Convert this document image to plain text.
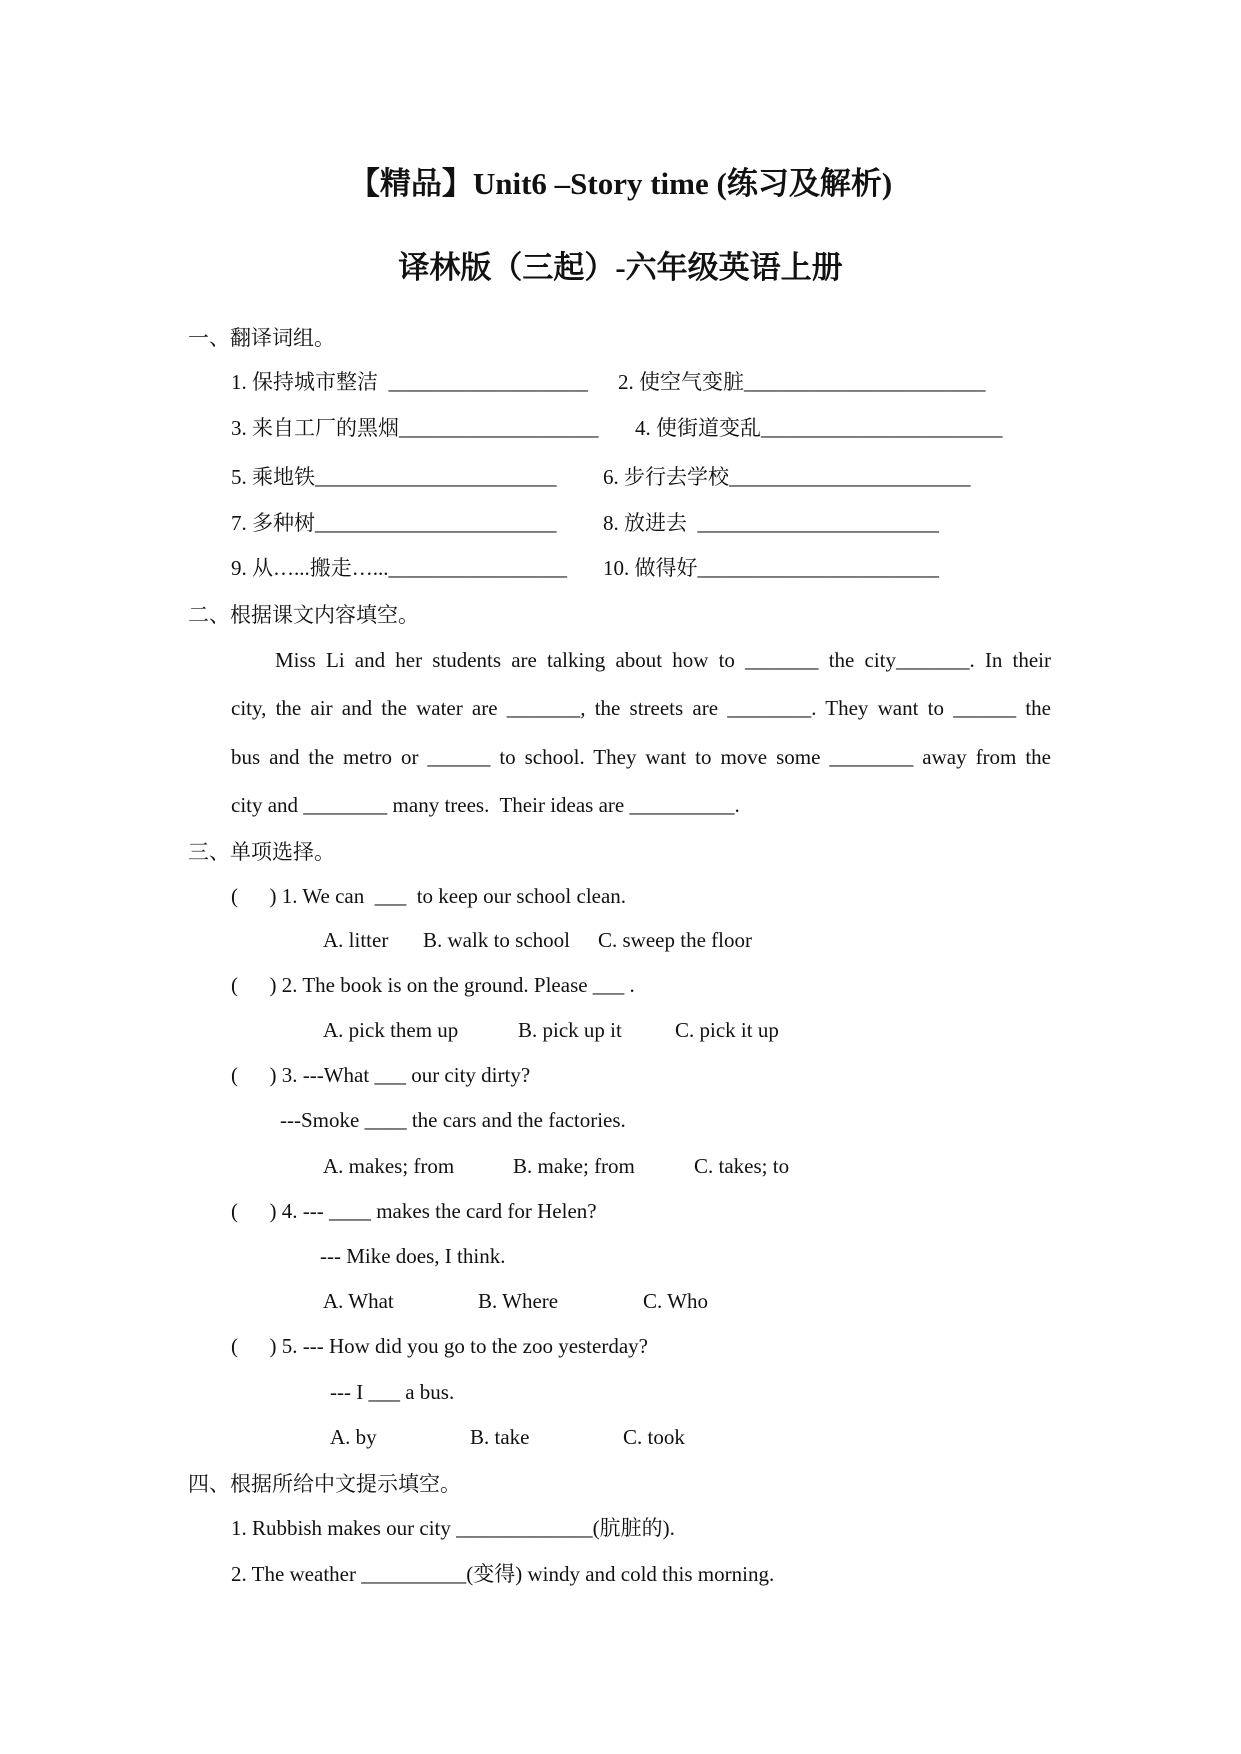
【精品】Unit6 –Story time (练习及解析)
译林版（三起）-六年级英语上册
一、翻译词组。
1. 保持城市整洁  ___________________ 2. 使空气变脏_______________________
3. 来自工厂的黑烟___________________ 4. 使街道变乱_______________________
5. 乘地铁_______________________ 6. 步行去学校_______________________
7. 多种树_______________________ 8. 放进去  _______________________
9. 从…...搬走…..._________________ 10. 做得好_______________________
二、根据课文内容填空。
Miss Li and her students are talking about how to _______ the city_______. In their
city, the air and the water are _______, the streets are ________. They want to ______ the
bus and the metro or ______ to school. They want to move some ________ away from the
city and ________ many trees.  Their ideas are __________.
三、单项选择。
(      ) 1. We can  ___  to keep our school clean.
A. litter B. walk to school C. sweep the floor
(      ) 2. The book is on the ground. Please ___ .
A. pick them up	B. pick up it	C. pick it up
(      ) 3. ---What ___ our city dirty?
---Smoke ____ the cars and the factories.
A. makes; from	B. make; from	C. takes; to
(      ) 4. --- ____ makes the card for Helen?
--- Mike does, I think.
A. What	B. Where	C. Who
(      ) 5. --- How did you go to the zoo yesterday?
--- I ___ a bus.
A. by	B. take	C. took
四、根据所给中文提示填空。
1. Rubbish makes our city _____________(肮脏的).
2. The weather __________(变得) windy and cold this morning.
